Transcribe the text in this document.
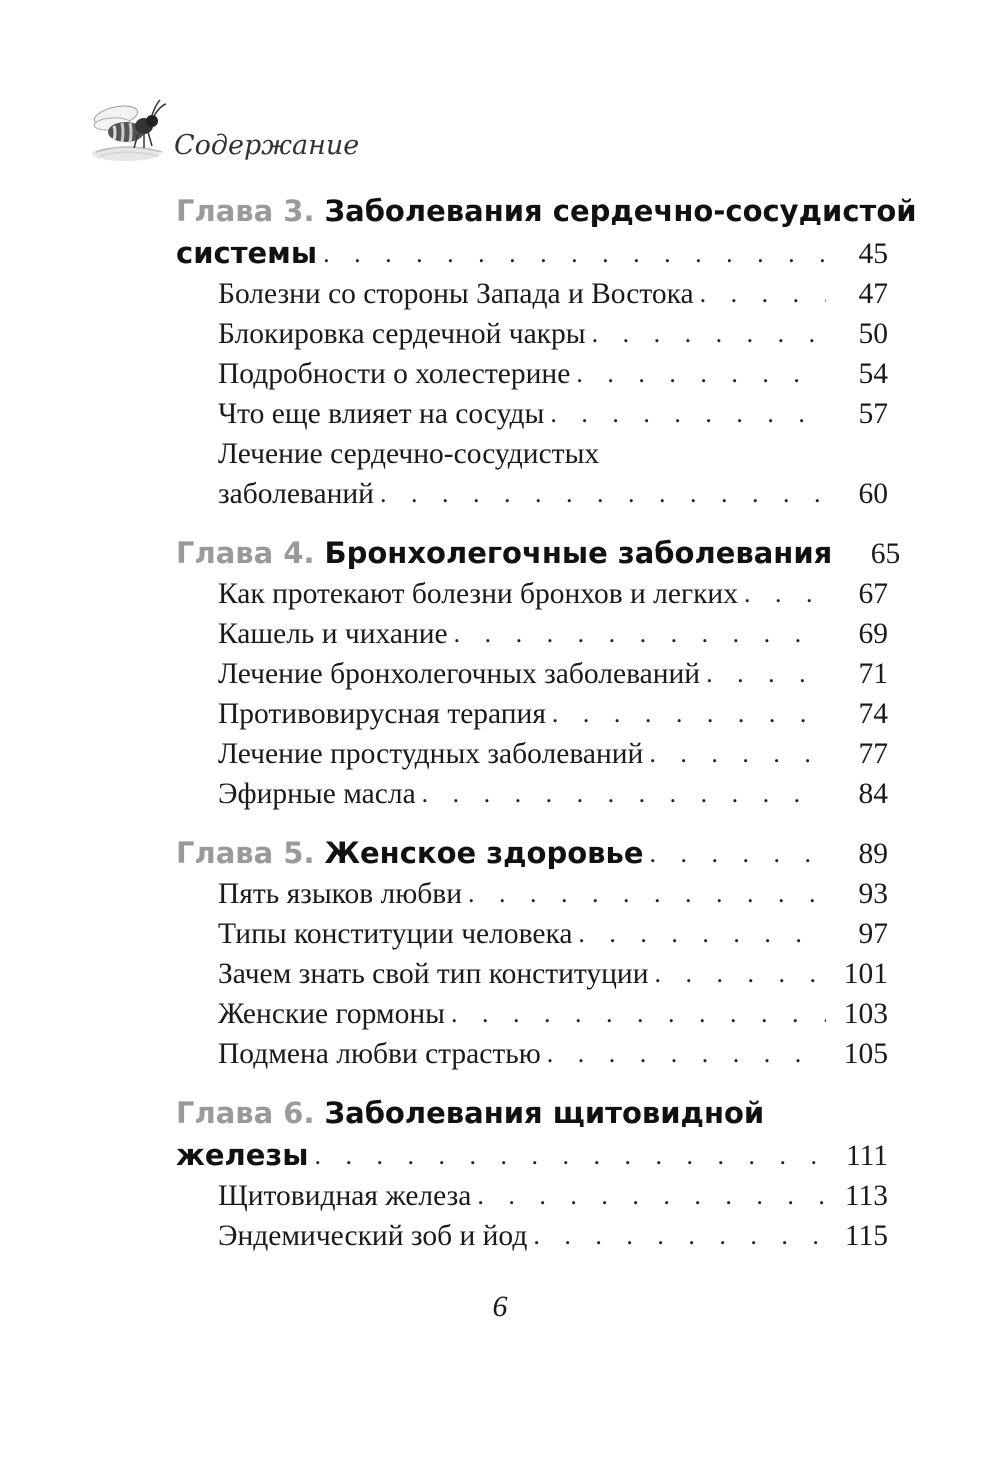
Содержание
Глава 3. Заболевания сердечно-сосудистой
системы . . .	45
Болезни со стороны Запада и Востока . . .	47
Блокировка сердечной чакры . . .	50
Подробности о холестерине . . .	54
Что еще влияет на сосуды . . .	57
Лечение сердечно-сосудистых
заболеваний . . .	60
Глава 4. Бронхолегочные заболевания	65
Как протекают болезни бронхов и легких . . .	67
Кашель и чихание . . .	69
Лечение бронхолегочных заболеваний . . .	71
Противовирусная терапия . . .	74
Лечение простудных заболеваний . . .	77
Эфирные масла . . .	84
Глава 5. Женское здоровье . . .	89
Пять языков любви . . .	93
Типы конституции человека . . .	97
Зачем знать свой тип конституции . . .	101
Женские гормоны . . .	103
Подмена любви страстью . . .	105
Глава 6. Заболевания щитовидной
железы . . .	111
Щитовидная железа . . .	113
Эндемический зоб и йод . . .	115
6
